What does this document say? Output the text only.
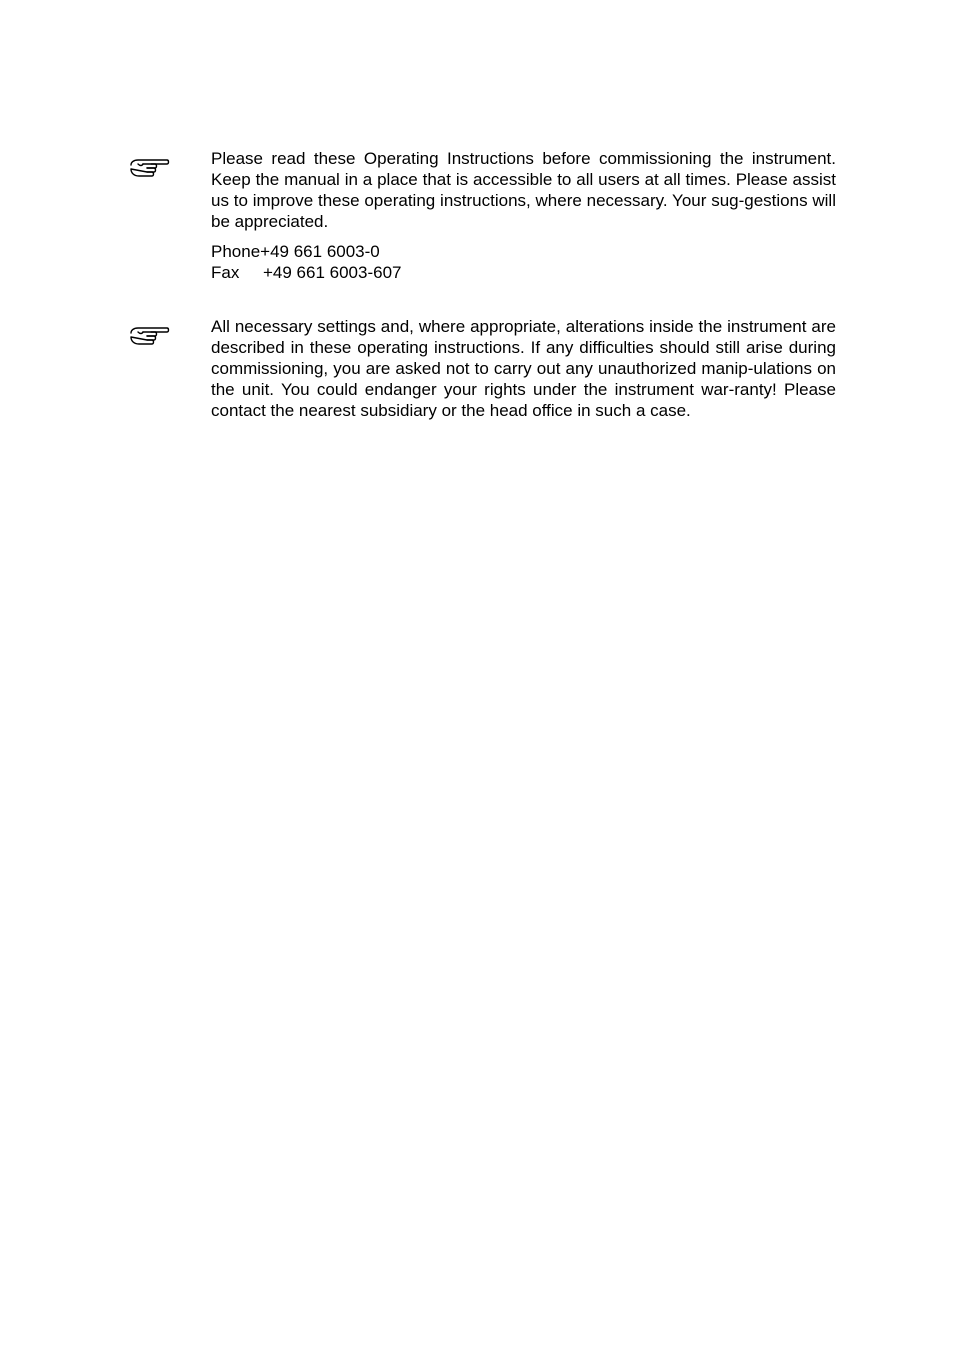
Please read these Operating Instructions before commissioning the instrument. Keep the manual in a place that is accessible to all users at all times. Please assist us to improve these operating instructions, where necessary. Your sug-gestions will be appreciated.

Phone+49 661 6003-0
Fax +49 661 6003-607

All necessary settings and, where appropriate, alterations inside the instrument are described in these operating instructions. If any difficulties should still arise during commissioning, you are asked not to carry out any unauthorized manip-ulations on the unit. You could endanger your rights under the instrument war-ranty! Please contact the nearest subsidiary or the head office in such a case.
